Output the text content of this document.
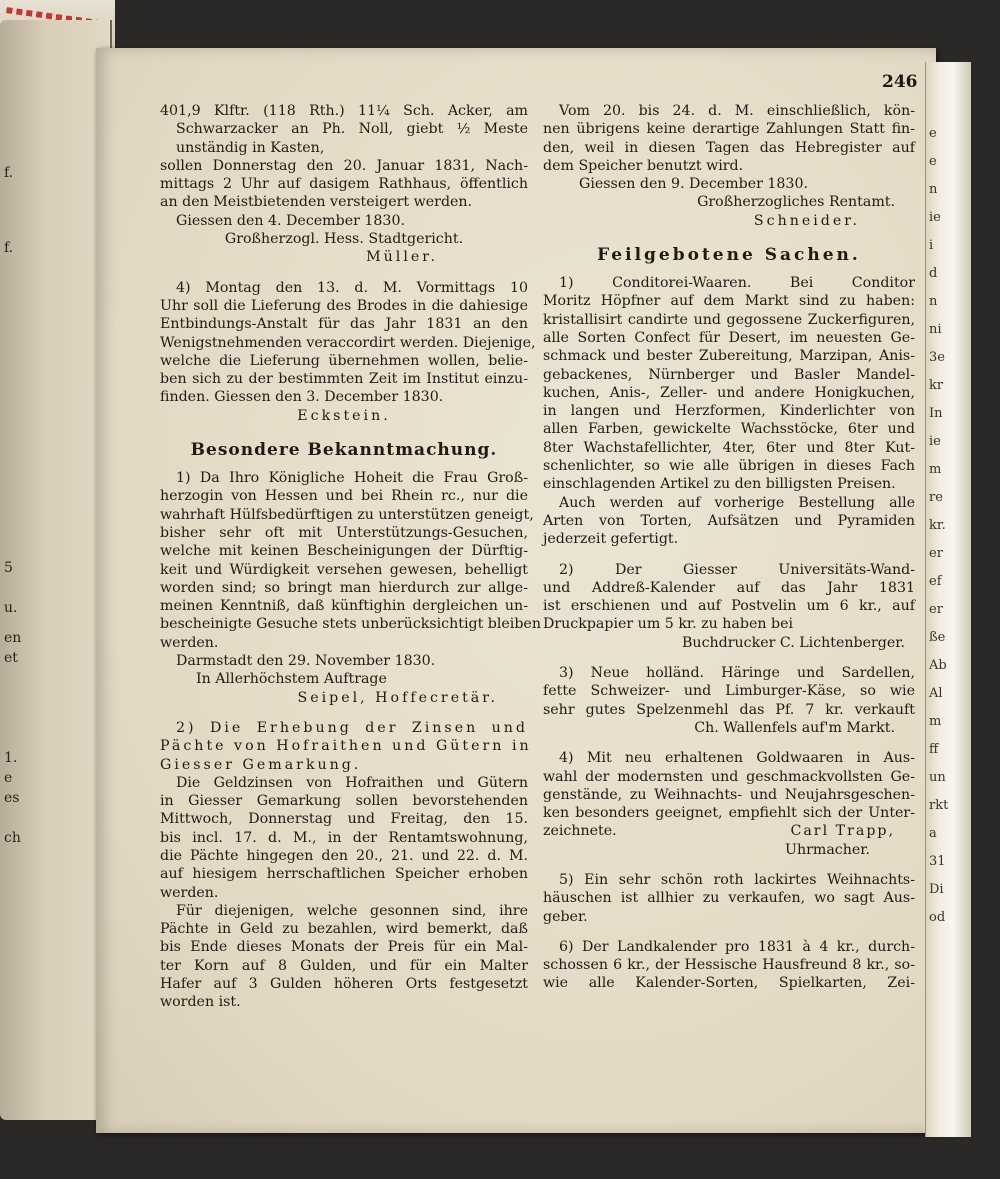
f.
f.
5
u.
en
et
1.
e
es
ch
e
e
n
ie
i
d
n
ni
3e
kr
In
ie
m
re
kr.
er
ef
er
ße
Ab
Al
m
ff
un
rkt
a
31
Di
od
246
401,9 Klftr. (118 Rth.) 11¼ Sch. Acker, am
Schwarzacker an Ph. Noll, giebt ½ Meste
unständig in Kasten,
sollen Donnerstag den 20. Januar 1831, Nach-
mittags 2 Uhr auf dasigem Rathhaus, öffentlich
an den Meistbietenden versteigert werden.
Giessen den 4. December 1830.
Großherzogl. Hess. Stadtgericht.
Müller.
4) Montag den 13. d. M. Vormittags 10
Uhr soll die Lieferung des Brodes in die dahiesige
Entbindungs-Anstalt für das Jahr 1831 an den
Wenigstnehmenden veraccordirt werden. Diejenige,
welche die Lieferung übernehmen wollen, belie-
ben sich zu der bestimmten Zeit im Institut einzu-
finden. Giessen den 3. December 1830.
Eckstein.
Besondere Bekanntmachung.
1) Da Ihro Königliche Hoheit die Frau Groß-
herzogin von Hessen und bei Rhein rc., nur die
wahrhaft Hülfsbedürftigen zu unterstützen geneigt,
bisher sehr oft mit Unterstützungs-Gesuchen,
welche mit keinen Bescheinigungen der Dürftig-
keit und Würdigkeit versehen gewesen, behelligt
worden sind; so bringt man hierdurch zur allge-
meinen Kenntniß, daß künftighin dergleichen un-
bescheinigte Gesuche stets unberücksichtigt bleiben
werden.
Darmstadt den 29. November 1830.
In Allerhöchstem Auftrage
Seipel, Hoffecretär.
2) Die Erhebung der Zinsen und
Pächte von Hofraithen und Gütern in
Giesser Gemarkung.
Die Geldzinsen von Hofraithen und Gütern
in Giesser Gemarkung sollen bevorstehenden
Mittwoch, Donnerstag und Freitag, den 15.
bis incl. 17. d. M., in der Rentamtswohnung,
die Pächte hingegen den 20., 21. und 22. d. M.
auf hiesigem herrschaftlichen Speicher erhoben
werden.
Für diejenigen, welche gesonnen sind, ihre
Pächte in Geld zu bezahlen, wird bemerkt, daß
bis Ende dieses Monats der Preis für ein Mal-
ter Korn auf 8 Gulden, und für ein Malter
Hafer auf 3 Gulden höheren Orts festgesetzt
worden ist.
Vom 20. bis 24. d. M. einschließlich, kön-
nen übrigens keine derartige Zahlungen Statt fin-
den, weil in diesen Tagen das Hebregister auf
dem Speicher benutzt wird.
Giessen den 9. December 1830.
Großherzogliches Rentamt.
Schneider.
Feilgebotene Sachen.
1) Conditorei-Waaren. Bei Conditor
Moritz Höpfner auf dem Markt sind zu haben:
kristallisirt candirte und gegossene Zuckerfiguren,
alle Sorten Confect für Desert, im neuesten Ge-
schmack und bester Zubereitung, Marzipan, Anis-
gebackenes, Nürnberger und Basler Mandel-
kuchen, Anis-, Zeller- und andere Honigkuchen,
in langen und Herzformen, Kinderlichter von
allen Farben, gewickelte Wachsstöcke, 6ter und
8ter Wachstafellichter, 4ter, 6ter und 8ter Kut-
schenlichter, so wie alle übrigen in dieses Fach
einschlagenden Artikel zu den billigsten Preisen.
Auch werden auf vorherige Bestellung alle
Arten von Torten, Aufsätzen und Pyramiden
jederzeit gefertigt.
2) Der Giesser Universitäts-Wand-
und Addreß-Kalender auf das Jahr 1831
ist erschienen und auf Postvelin um 6 kr., auf
Druckpapier um 5 kr. zu haben bei
Buchdrucker C. Lichtenberger.
3) Neue holländ. Häringe und Sardellen,
fette Schweizer- und Limburger-Käse, so wie
sehr gutes Spelzenmehl das Pf. 7 kr. verkauft
Ch. Wallenfels auf'm Markt.
4) Mit neu erhaltenen Goldwaaren in Aus-
wahl der modernsten und geschmackvollsten Ge-
genstände, zu Weihnachts- und Neujahrsgeschen-
ken besonders geeignet, empfiehlt sich der Unter-
zeichnete.	Carl Trapp,
Uhrmacher.
5) Ein sehr schön roth lackirtes Weihnachts-
häuschen ist allhier zu verkaufen, wo sagt Aus-
geber.
6) Der Landkalender pro 1831 à 4 kr., durch-
schossen 6 kr., der Hessische Hausfreund 8 kr., so-
wie alle Kalender-Sorten, Spielkarten, Zei-
